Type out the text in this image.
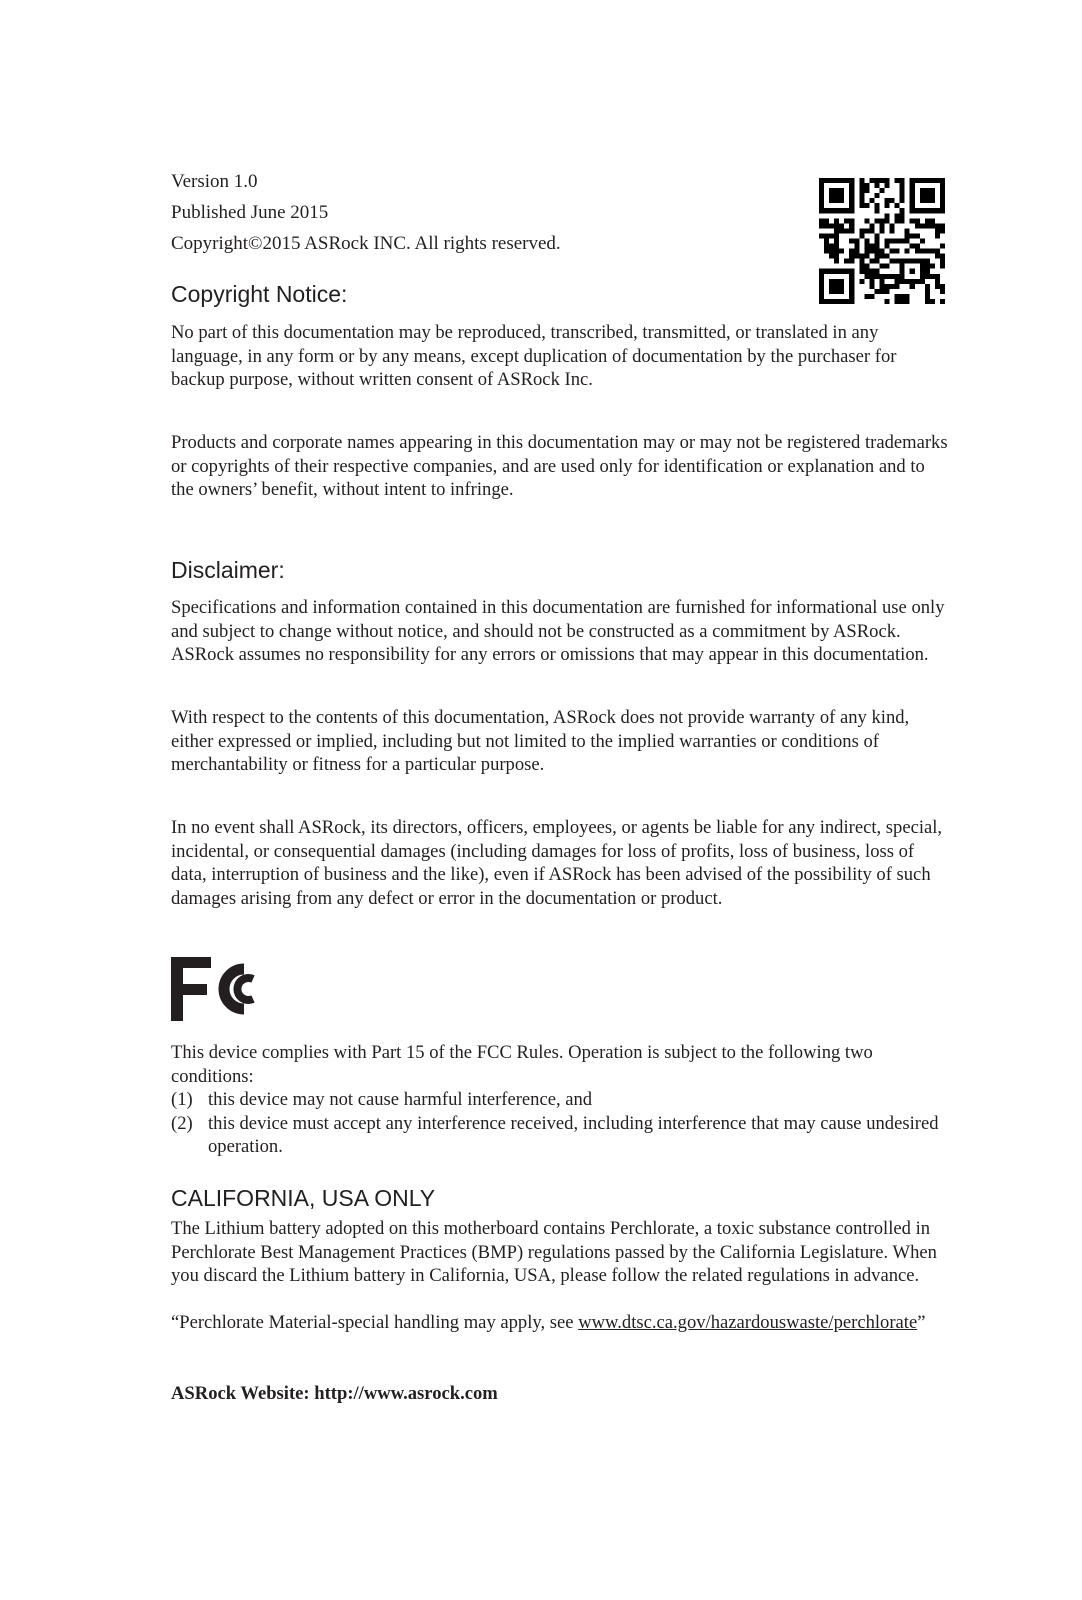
Version 1.0
Published June 2015
Copyright©2015 ASRock INC. All rights reserved.
Copyright Notice:

No part of this documentation may be reproduced, transcribed, transmitted, or translated in any language, in any form or by any means, except duplication of documentation by the purchaser for backup purpose, without written consent of ASRock Inc.

Products and corporate names appearing in this documentation may or may not be registered trademarks or copyrights of their respective companies, and are used only for identification or explanation and to the owners’ benefit, without intent to infringe.

Disclaimer:

Specifications and information contained in this documentation are furnished for informational use only and subject to change without notice, and should not be constructed as a commitment by ASRock. ASRock assumes no responsibility for any errors or omissions that may appear in this documentation.

With respect to the contents of this documentation, ASRock does not provide warranty of any kind, either expressed or implied, including but not limited to the implied warranties or conditions of merchantability or fitness for a particular purpose.

In no event shall ASRock, its directors, officers, employees, or agents be liable for any indirect, special, incidental, or consequential damages (including damages for loss of profits, loss of business, loss of data, interruption of business and the like), even if ASRock has been advised of the possibility of such damages arising from any defect or error in the documentation or product.

This device complies with Part 15 of the FCC Rules. Operation is subject to the following two conditions:

(1) this device may not cause harmful interference, and
(2) this device must accept any interference received, including interference that may cause undesired operation.
CALIFORNIA, USA ONLY

The Lithium battery adopted on this motherboard contains Perchlorate, a toxic substance controlled in Perchlorate Best Management Practices (BMP) regulations passed by the California Legislature. When you discard the Lithium battery in California, USA, please follow the related regulations in advance.

“Perchlorate Material-special handling may apply, see www.dtsc.ca.gov/hazardouswaste/perchlorate”

ASRock Website: http://www.asrock.com
